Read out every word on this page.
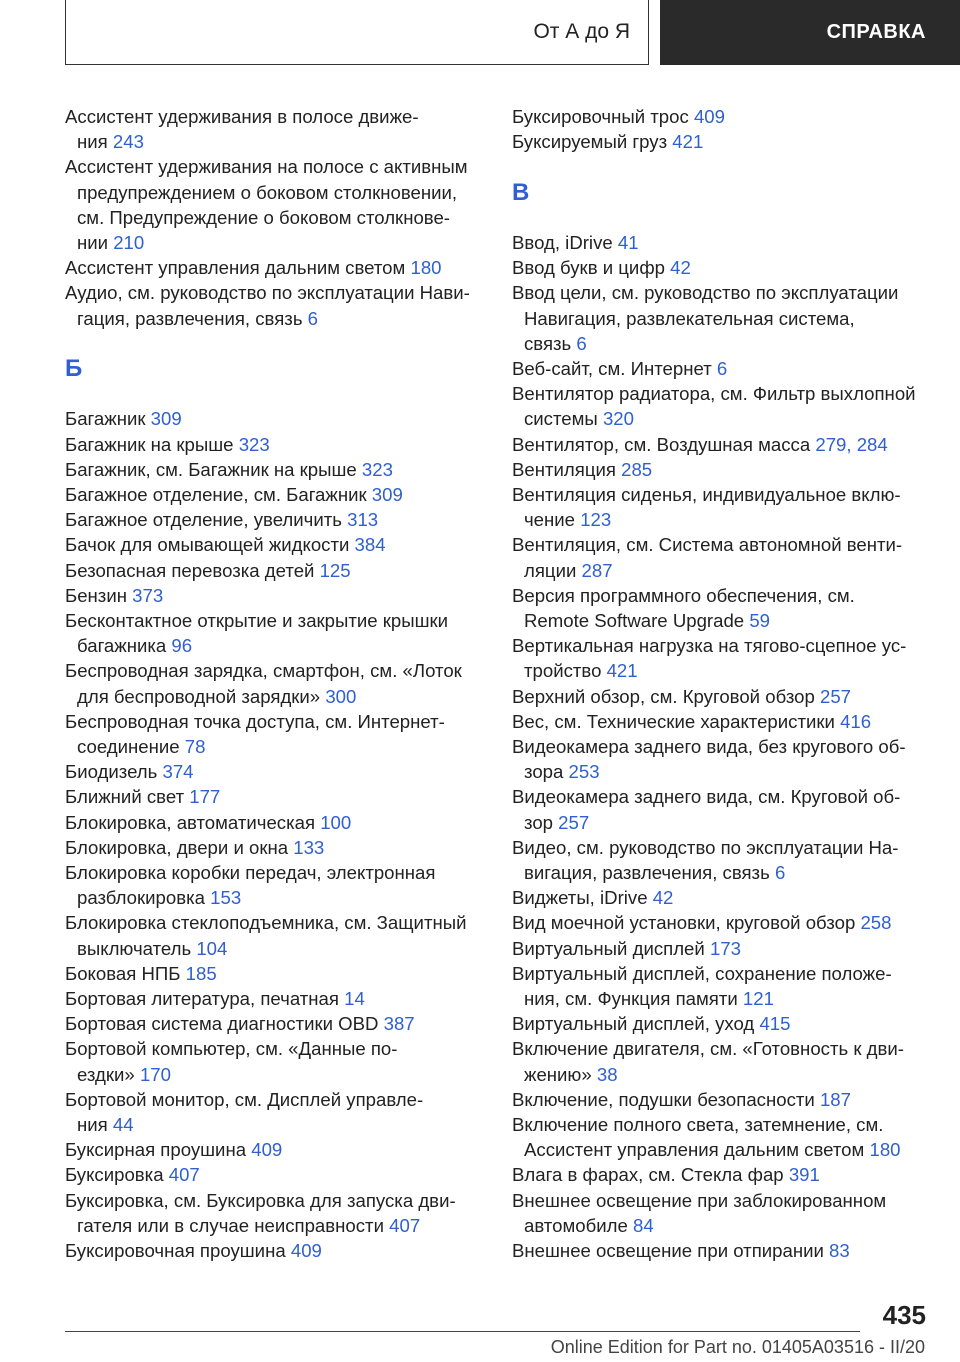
От А до Я	СПРАВКА
Ассистент удерживания в полосе движе-
ния 243
Ассистент удерживания на полосе с активным
предупреждением о боковом столкновении,
см. Предупреждение о боковом столкнове-
нии 210
Ассистент управления дальним светом 180
Аудио, см. руководство по эксплуатации Нави-
гация, развлечения, связь 6
Б
Багажник 309
Багажник на крыше 323
Багажник, см. Багажник на крыше 323
Багажное отделение, см. Багажник 309
Багажное отделение, увеличить 313
Бачок для омывающей жидкости 384
Безопасная перевозка детей 125
Бензин 373
Бесконтактное открытие и закрытие крышки
багажника 96
Беспроводная зарядка, смартфон, см. «Лоток
для беспроводной зарядки» 300
Беспроводная точка доступа, см. Интернет-
соединение 78
Биодизель 374
Ближний свет 177
Блокировка, автоматическая 100
Блокировка, двери и окна 133
Блокировка коробки передач, электронная
разблокировка 153
Блокировка стеклоподъемника, см. Защитный
выключатель 104
Боковая НПБ 185
Бортовая литература, печатная 14
Бортовая система диагностики OBD 387
Бортовой компьютер, см. «Данные по-
ездки» 170
Бортовой монитор, см. Дисплей управле-
ния 44
Буксирная проушина 409
Буксировка 407
Буксировка, см. Буксировка для запуска дви-
гателя или в случае неисправности 407
Буксировочная проушина 409
Буксировочный трос 409
Буксируемый груз 421
В
Ввод, iDrive 41
Ввод букв и цифр 42
Ввод цели, см. руководство по эксплуатации
Навигация, развлекательная система,
связь 6
Веб-сайт, см. Интернет 6
Вентилятор радиатора, см. Фильтр выхлопной
системы 320
Вентилятор, см. Воздушная масса 279, 284
Вентиляция 285
Вентиляция сиденья, индивидуальное вклю-
чение 123
Вентиляция, см. Система автономной венти-
ляции 287
Версия программного обеспечения, см.
Remote Software Upgrade 59
Вертикальная нагрузка на тягово-сцепное ус-
тройство 421
Верхний обзор, см. Круговой обзор 257
Вес, см. Технические характеристики 416
Видеокамера заднего вида, без кругового об-
зора 253
Видеокамера заднего вида, см. Круговой об-
зор 257
Видео, см. руководство по эксплуатации На-
вигация, развлечения, связь 6
Виджеты, iDrive 42
Вид моечной установки, круговой обзор 258
Виртуальный дисплей 173
Виртуальный дисплей, сохранение положе-
ния, см. Функция памяти 121
Виртуальный дисплей, уход 415
Включение двигателя, см. «Готовность к дви-
жению» 38
Включение, подушки безопасности 187
Включение полного света, затемнение, см.
Ассистент управления дальним светом 180
Влага в фарах, см. Стекла фар 391
Внешнее освещение при заблокированном
автомобиле 84
Внешнее освещение при отпирании 83
435
Online Edition for Part no. 01405A03516 - II/20
